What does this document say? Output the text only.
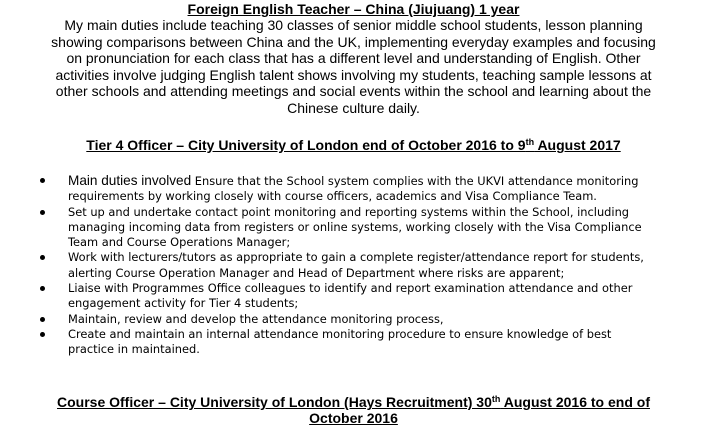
Foreign English Teacher – China (Jiujuang) 1 year
My main duties include teaching 30 classes of senior middle school students, lesson planning
showing comparisons between China and the UK, implementing everyday examples and focusing
on pronunciation for each class that has a different level and understanding of English. Other
activities involve judging English talent shows involving my students, teaching sample lessons at
other schools and attending meetings and social events within the school and learning about the
Chinese culture daily.
Tier 4 Officer – City University of London end of October 2016 to 9th August 2017
Main duties involved Ensure that the School system complies with the UKVI attendance monitoring
requirements by working closely with course officers, academics and Visa Compliance Team.
Set up and undertake contact point monitoring and reporting systems within the School, including
managing incoming data from registers or online systems, working closely with the Visa Compliance
Team and Course Operations Manager;
Work with lecturers/tutors as appropriate to gain a complete register/attendance report for students,
alerting Course Operation Manager and Head of Department where risks are apparent;
Liaise with Programmes Office colleagues to identify and report examination attendance and other
engagement activity for Tier 4 students;
Maintain, review and develop the attendance monitoring process,
Create and maintain an internal attendance monitoring procedure to ensure knowledge of best
practice in maintained.
Course Officer – City University of London (Hays Recruitment) 30th August 2016 to end of
October 2016
